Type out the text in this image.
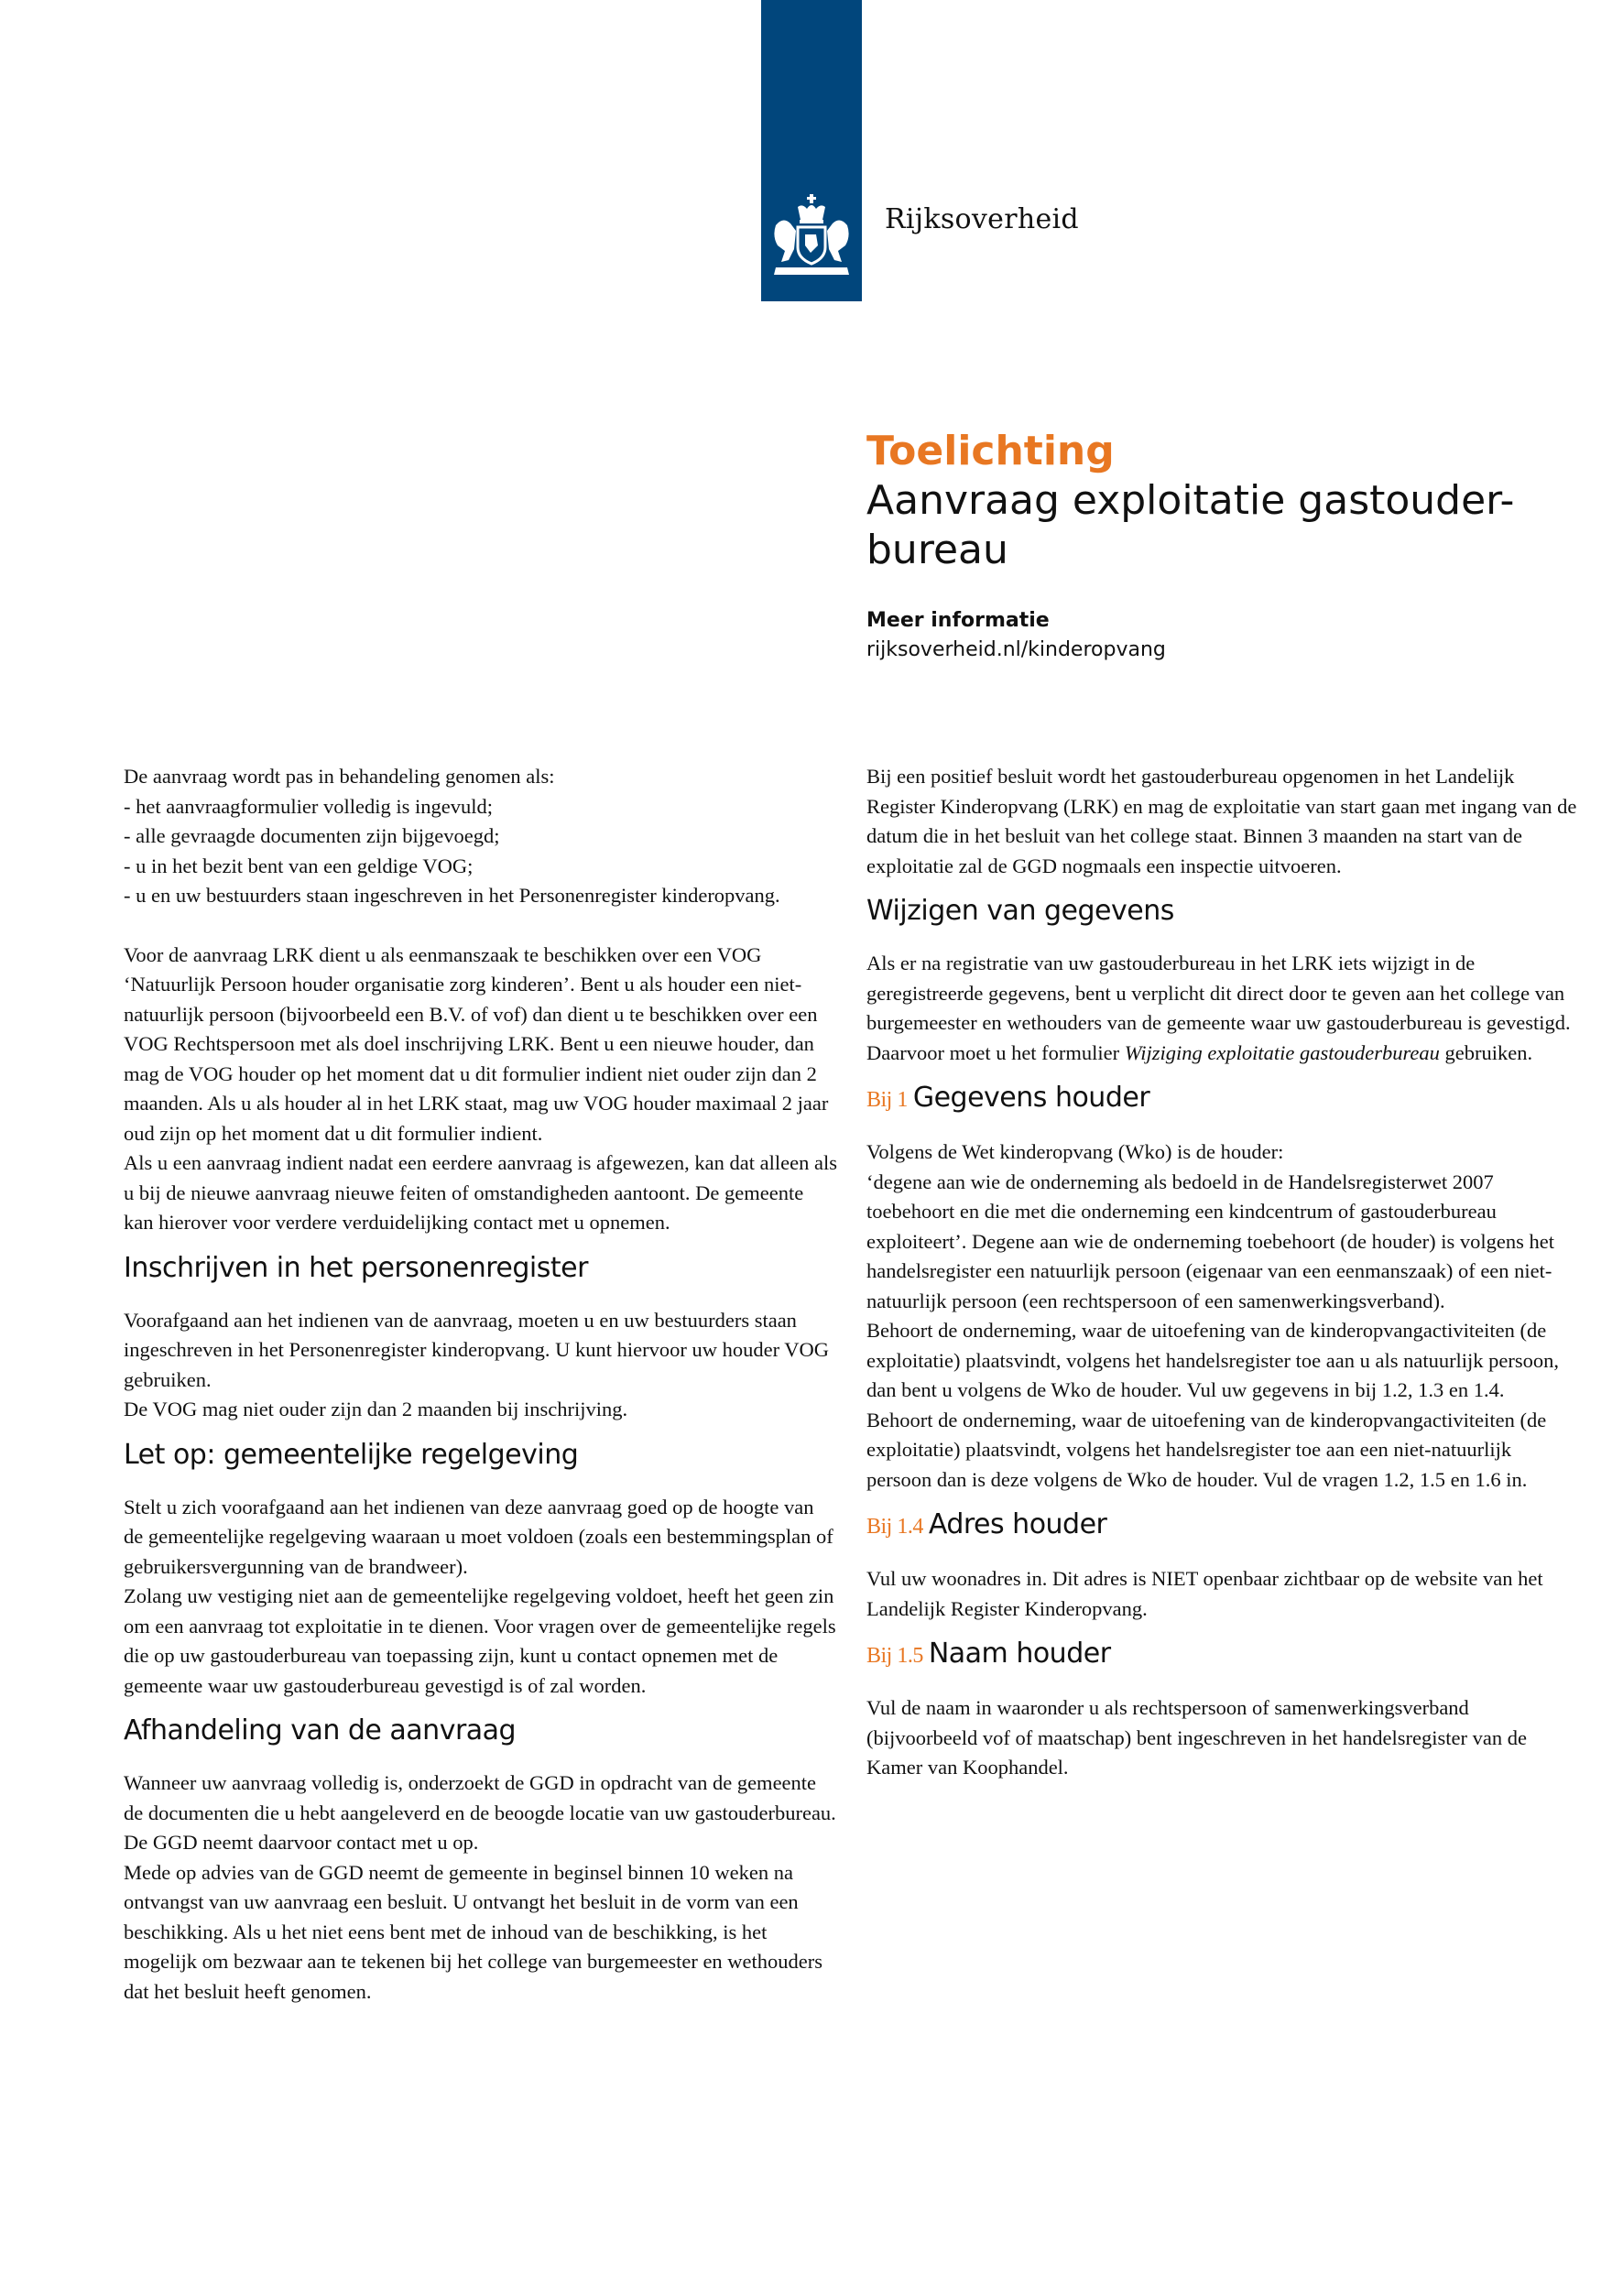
Rijksoverheid
Toelichting
Aanvraag exploitatie gastouder-
bureau
Meer informatie
rijksoverheid.nl/kinderopvang

De aanvraag wordt pas in behandeling genomen als:

- het aanvraagformulier volledig is ingevuld;
- alle gevraagde documenten zijn bijgevoegd;
- u in het bezit bent van een geldige VOG;
- u en uw bestuurders staan ingeschreven in het Personenregister kinderopvang.

Voor de aanvraag LRK dient u als eenmanszaak te beschikken over een VOG ‘Natuurlijk Persoon houder organisatie zorg kinderen’. Bent u als houder een niet-natuurlijk persoon (bijvoorbeeld een B.V. of vof) dan dient u te beschikken over een VOG Rechtspersoon met als doel inschrijving LRK. Bent u een nieuwe houder, dan mag de VOG houder op het moment dat u dit formulier indient niet ouder zijn dan 2 maanden. Als u als houder al in het LRK staat, mag uw VOG houder maximaal 2 jaar oud zijn op het moment dat u dit formulier indient.

Als u een aanvraag indient nadat een eerdere aanvraag is afgewezen, kan dat alleen als u bij de nieuwe aanvraag nieuwe feiten of omstandigheden aantoont. De gemeente kan hierover voor verdere verduidelijking contact met u opnemen.

Inschrijven in het personenregister

Voorafgaand aan het indienen van de aanvraag, moeten u en uw bestuurders staan ingeschreven in het Personenregister kinderopvang. U kunt hiervoor uw houder VOG gebruiken.

De VOG mag niet ouder zijn dan 2 maanden bij inschrijving.

Let op: gemeentelijke regelgeving

Stelt u zich voorafgaand aan het indienen van deze aanvraag goed op de hoogte van de gemeentelijke regelgeving waaraan u moet voldoen (zoals een bestemmingsplan of gebruikersvergunning van de brandweer).

Zolang uw vestiging niet aan de gemeentelijke regelgeving voldoet, heeft het geen zin om een aanvraag tot exploitatie in te dienen. Voor vragen over de gemeentelijke regels die op uw gastouderbureau van toepassing zijn, kunt u contact opnemen met de gemeente waar uw gastouderbureau gevestigd is of zal worden.

Afhandeling van de aanvraag

Wanneer uw aanvraag volledig is, onderzoekt de GGD in opdracht van de gemeente de documenten die u hebt aangeleverd en de beoogde locatie van uw gastouderbureau. De GGD neemt daarvoor contact met u op.

Mede op advies van de GGD neemt de gemeente in beginsel binnen 10 weken na ontvangst van uw aanvraag een besluit. U ontvangt het besluit in de vorm van een beschikking. Als u het niet eens bent met de inhoud van de beschikking, is het mogelijk om bezwaar aan te tekenen bij het college van burgemeester en wethouders dat het besluit heeft genomen.

Bij een positief besluit wordt het gastouderbureau opgenomen in het Landelijk Register Kinderopvang (LRK) en mag de exploitatie van start gaan met ingang van de datum die in het besluit van het college staat. Binnen 3 maanden na start van de exploitatie zal de GGD nogmaals een inspectie uitvoeren.

Wijzigen van gegevens

Als er na registratie van uw gastouderbureau in het LRK iets wijzigt in de geregistreerde gegevens, bent u verplicht dit direct door te geven aan het college van burgemeester en wethouders van de gemeente waar uw gastouderbureau is gevestigd. Daarvoor moet u het formulier Wijziging exploitatie gastouderbureau gebruiken.

Bij 1 Gegevens houder

Volgens de Wet kinderopvang (Wko) is de houder:

‘degene aan wie de onderneming als bedoeld in de Handelsregisterwet 2007 toebehoort en die met die onderneming een kindcentrum of gastouderbureau exploiteert’. Degene aan wie de onderneming toebehoort (de houder) is volgens het handelsregister een natuurlijk persoon (eigenaar van een eenmanszaak) of een niet-natuurlijk persoon (een rechtspersoon of een samenwerkingsverband).

Behoort de onderneming, waar de uitoefening van de kinderopvangactiviteiten (de exploitatie) plaatsvindt, volgens het handelsregister toe aan u als natuurlijk persoon, dan bent u volgens de Wko de houder. Vul uw gegevens in bij 1.2, 1.3 en 1.4.

Behoort de onderneming, waar de uitoefening van de kinderopvangactiviteiten (de exploitatie) plaatsvindt, volgens het handelsregister toe aan een niet-natuurlijk persoon dan is deze volgens de Wko de houder. Vul de vragen 1.2, 1.5 en 1.6 in.

Bij 1.4 Adres houder

Vul uw woonadres in. Dit adres is NIET openbaar zichtbaar op de website van het Landelijk Register Kinderopvang.

Bij 1.5 Naam houder

Vul de naam in waaronder u als rechtspersoon of samenwerkingsverband (bijvoorbeeld vof of maatschap) bent ingeschreven in het handelsregister van de Kamer van Koophandel.
